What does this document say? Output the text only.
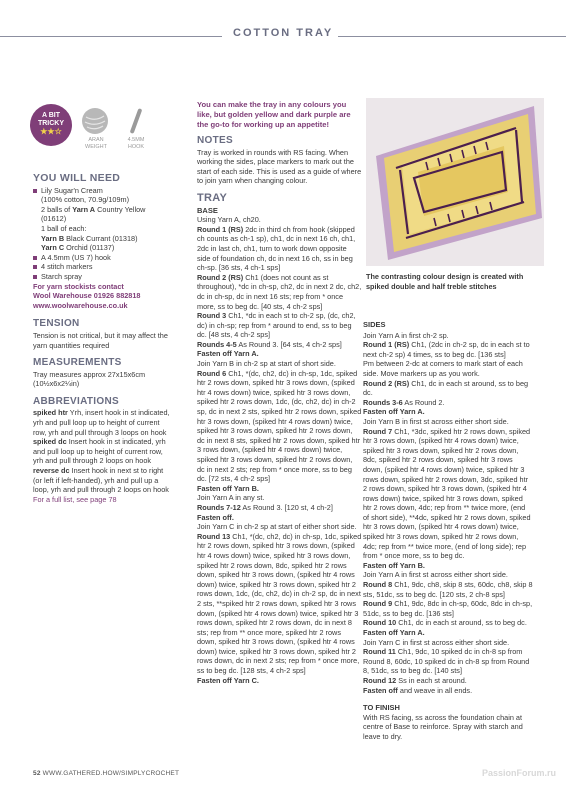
COTTON TRAY
A BIT
TRICKY
★★☆
ARAN
WEIGHT
4.5MM
HOOK
YOU WILL NEED
Lily Sugar'n Cream
(100% cotton, 70.9g/109m)
2 balls of Yarn A Country Yellow
(01612)
1 ball of each:
Yarn B Black Currant (01318)
Yarn C Orchid (01137)
A 4.5mm (US 7) hook
4 stitch markers
Starch spray
For yarn stockists contact
Wool Warehouse 01926 882818
www.woolwarehouse.co.uk
TENSION

Tension is not critical, but it may affect the yarn quantities required

MEASUREMENTS

Tray measures approx 27x15x6cm (10½x6x2¼in)

ABBREVIATIONS

spiked htr Yrh, insert hook in st indicated, yrh and pull loop up to height of current row, yrh and pull through 3 loops on hook

spiked dc Insert hook in st indicated, yrh and pull loop up to height of current row, yrh and pull through 2 loops on hook

reverse dc Insert hook in next st to right (or left if left-handed), yrh and pull up a loop, yrh and pull through 2 loops on hook

For a full list, see page 78

You can make the tray in any colours you like, but golden yellow and dark purple are the go-to for working up an appetite!

NOTES

Tray is worked in rounds with RS facing. When working the sides, place markers to mark out the start of each side. This is used as a guide of where to join yarn when changing colour.

TRAY
BASE

Using Yarn A, ch20.

Round 1 (RS) 2dc in third ch from hook (skipped ch counts as ch-1 sp), ch1, dc in next 16 ch, ch1, 2dc in last ch, ch1, turn to work down opposite side of foundation ch, dc in next 16 ch, ss in beg ch-sp. [36 sts, 4 ch-1 sps]

Round 2 (RS) Ch1 (does not count as st throughout), *dc in ch-sp, ch2, dc in next 2 dc, ch2, dc in ch-sp, dc in next 16 sts; rep from * once more, ss to beg dc. [40 sts, 4 ch-2 sps]

Round 3 Ch1, *dc in each st to ch-2 sp, (dc, ch2, dc) in ch-sp; rep from * around to end, ss to beg dc. [48 sts, 4 ch-2 sps]

Rounds 4-5 As Round 3. [64 sts, 4 ch-2 sps]

Fasten off Yarn A.

Join Yarn B in ch-2 sp at start of short side.

Round 6 Ch1, *(dc, ch2, dc) in ch-sp, 1dc, spiked htr 2 rows down, spiked htr 3 rows down, (spiked htr 4 rows down) twice, spiked htr 3 rows down, spiked htr 2 rows down, 1dc, (dc, ch2, dc) in ch-2 sp, dc in next 2 sts, spiked htr 2 rows down, spiked htr 3 rows down, (spiked htr 4 rows down) twice, spiked htr 3 rows down, spiked htr 2 rows down, dc in next 8 sts, spiked htr 2 rows down, spiked htr 3 rows down, (spiked htr 4 rows down) twice, spiked htr 3 rows down, spiked htr 2 rows down, dc in next 2 sts; rep from * once more, ss to beg dc. [72 sts, 4 ch-2 sps]

Fasten off Yarn B.

Join Yarn A in any st.

Rounds 7-12 As Round 3. [120 st, 4 ch-2]

Fasten off.

Join Yarn C in ch-2 sp at start of either short side.

Round 13 Ch1, *(dc, ch2, dc) in ch-sp, 1dc, spiked htr 2 rows down, spiked htr 3 rows down, (spiked htr 4 rows down) twice, spiked htr 3 rows down, spiked htr 2 rows down, 8dc, spiked htr 2 rows down, spiked htr 3 rows down, (spiked htr 4 rows down) twice, spiked htr 3 rows down, spiked htr 2 rows down, 1dc, (dc, ch2, dc) in ch-2 sp, dc in next 2 sts, **spiked htr 2 rows down, spiked htr 3 rows down, (spiked htr 4 rows down) twice, spiked htr 3 rows down, spiked htr 2 rows down, dc in next 8 sts; rep from ** once more, spiked htr 2 rows down, spiked htr 3 rows down, (spiked htr 4 rows down) twice, spiked htr 3 rows down, spiked htr 2 rows down, dc in next 2 sts; rep from * once more, ss to beg dc. [128 sts, 4 ch-2 sps]

Fasten off Yarn C.

The contrasting colour design is created with spiked double and half treble stitches
SIDES

Join Yarn A in first ch-2 sp.

Round 1 (RS) Ch1, (2dc in ch-2 sp, dc in each st to next ch-2 sp) 4 times, ss to beg dc. [136 sts]

Pm between 2-dc at corners to mark start of each side. Move markers up as you work.

Round 2 (RS) Ch1, dc in each st around, ss to beg dc.

Rounds 3-6 As Round 2.

Fasten off Yarn A.

Join Yarn B in first st across either short side.

Round 7 Ch1, *3dc, spiked htr 2 rows down, spiked htr 3 rows down, (spiked htr 4 rows down) twice, spiked htr 3 rows down, spiked htr 2 rows down, 8dc, spiked htr 2 rows down, spiked htr 3 rows down, (spiked htr 4 rows down) twice, spiked htr 3 rows down, spiked htr 2 rows down, 3dc, spiked htr 2 rows down, spiked htr 3 rows down, (spiked htr 4 rows down) twice, spiked htr 3 rows down, spiked htr 2 rows down, 4dc; rep from ** twice more, (end of short side), **4dc, spiked htr 2 rows down, spiked htr 3 rows down, (spiked htr 4 rows down) twice, spiked htr 3 rows down, spiked htr 2 rows down, 4dc; rep from ** twice more, (end of long side); rep from * once more, ss to beg dc.

Fasten off Yarn B.

Join Yarn A in first st across either short side.

Round 8 Ch1, 9dc, ch8, skip 8 sts, 60dc, ch8, skip 8 sts, 51dc, ss to beg dc. [120 sts, 2 ch-8 sps]

Round 9 Ch1, 9dc, 8dc in ch-sp, 60dc, 8dc in ch-sp, 51dc, ss to beg dc. [136 sts]

Round 10 Ch1, dc in each st around, ss to beg dc.

Fasten off Yarn A.

Join Yarn C in first st across either short side.

Round 11 Ch1, 9dc, 10 spiked dc in ch-8 sp from Round 8, 60dc, 10 spiked dc in ch-8 sp from Round 8, 51dc, ss to beg dc. [140 sts]

Round 12 Ss in each st around.

Fasten off and weave in all ends.

TO FINISH

With RS facing, ss across the foundation chain at centre of Base to reinforce. Spray with starch and leave to dry.

52 WWW.GATHERED.HOW/SIMPLYCROCHET	PassionForum.ru
